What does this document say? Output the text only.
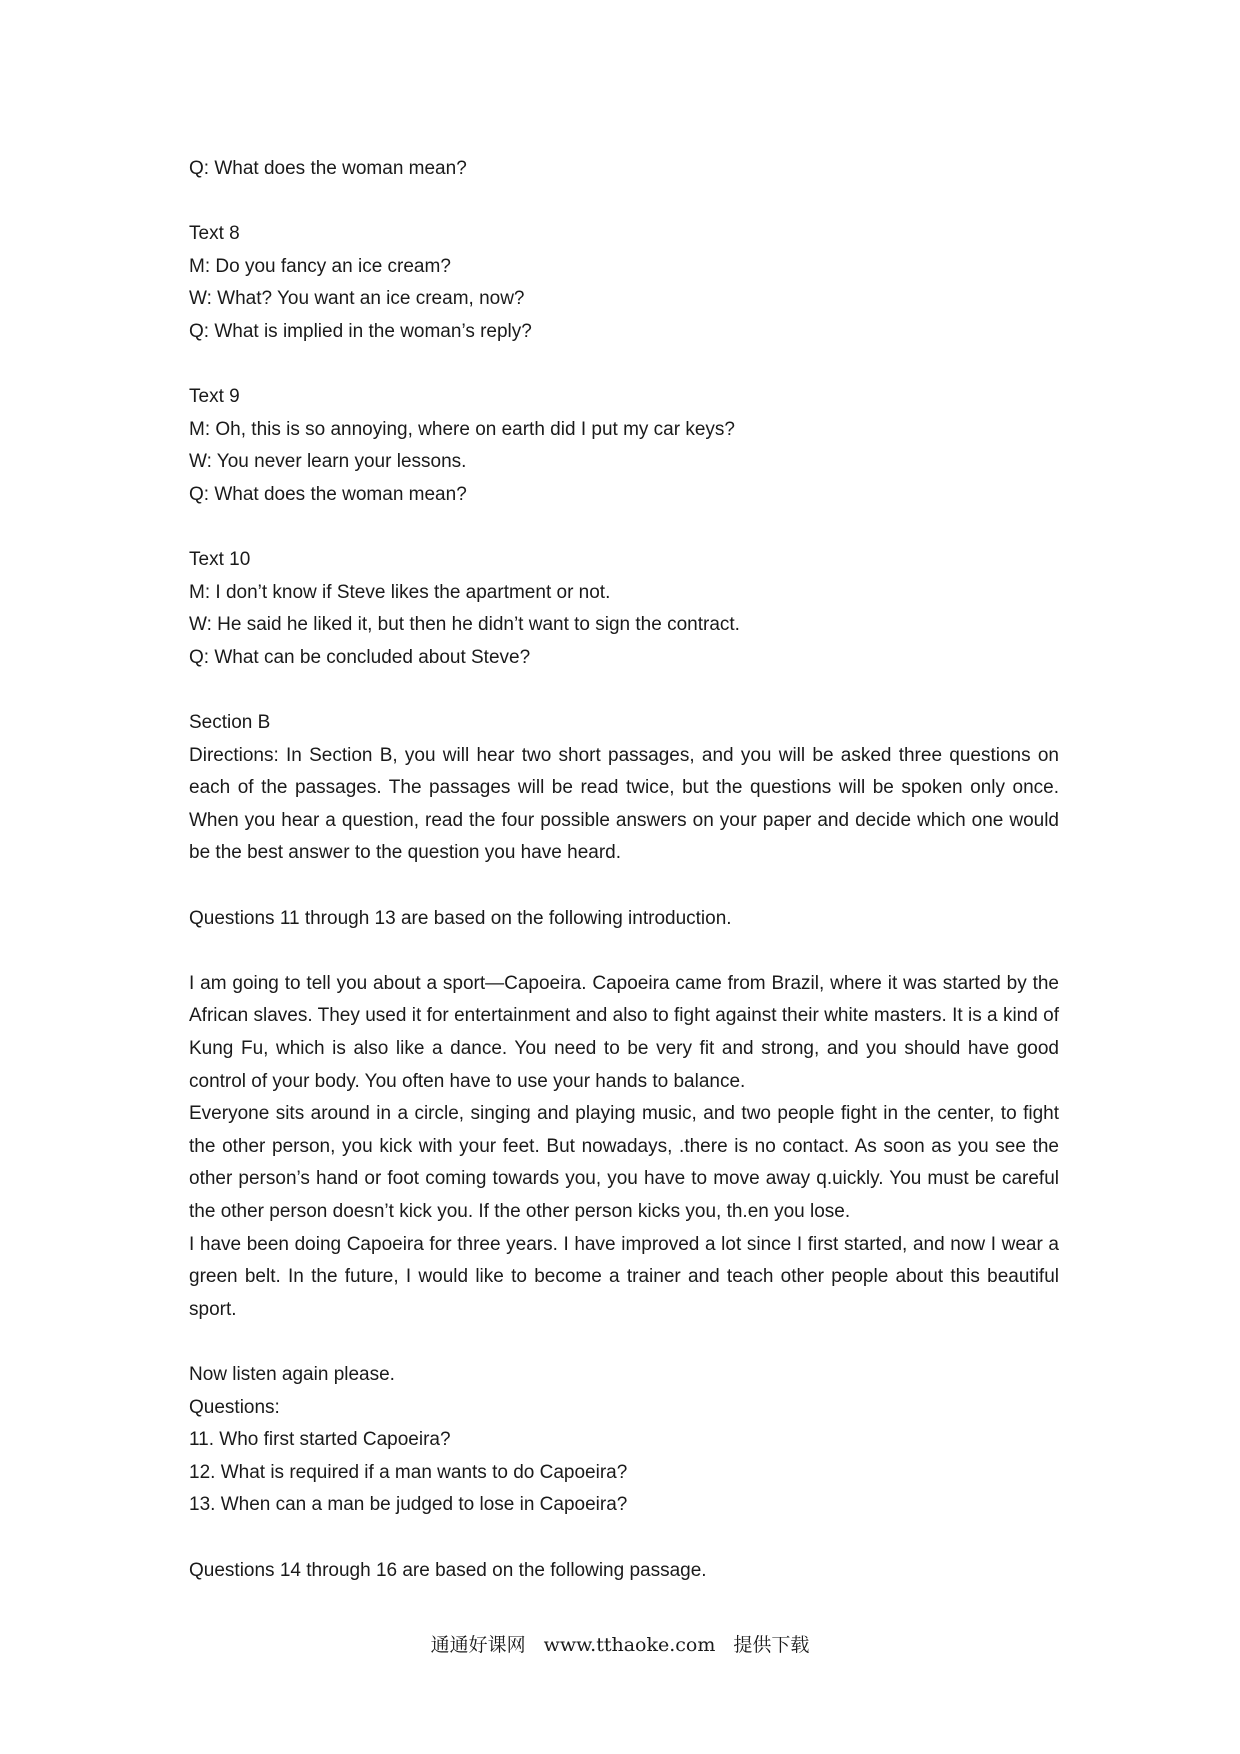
Q: What does the woman mean?

Text 8

M: Do you fancy an ice cream?

W: What? You want an ice cream, now?

Q: What is implied in the woman’s reply?

Text 9

M: Oh, this is so annoying, where on earth did I put my car keys?

W: You never learn your lessons.

Q: What does the woman mean?

Text 10

M: I don’t know if Steve likes the apartment or not.

W: He said he liked it, but then he didn’t want to sign the contract.

Q: What can be concluded about Steve?

Section B

Directions: In Section B, you will hear two short passages, and you will be asked three questions on each of the passages. The passages will be read twice, but the questions will be spoken only once. When you hear a question, read the four possible answers on your paper and decide which one would be the best answer to the question you have heard.

Questions 11 through 13 are based on the following introduction.

I am going to tell you about a sport—Capoeira. Capoeira came from Brazil, where it was started by the African slaves. They used it for entertainment and also to fight against their white masters. It is a kind of Kung Fu, which is also like a dance. You need to be very fit and strong, and you should have good control of your body. You often have to use your hands to balance.

Everyone sits around in a circle, singing and playing music, and two people fight in the center, to fight the other person, you kick with your feet. But nowadays, .there is no contact. As soon as you see the other person’s hand or foot coming towards you, you have to move away q.uickly. You must be careful the other person doesn’t kick you. If the other person kicks you, th.en you lose.

I have been doing Capoeira for three years. I have improved a lot since I first started, and now I wear a green belt. In the future, I would like to become a trainer and teach other people about this beautiful sport.

Now listen again please.

Questions:

11. Who first started Capoeira?

12. What is required if a man wants to do Capoeira?

13. When can a man be judged to lose in Capoeira?

Questions 14 through 16 are based on the following passage.

通通好课网 www.tthaoke.com 提供下载
